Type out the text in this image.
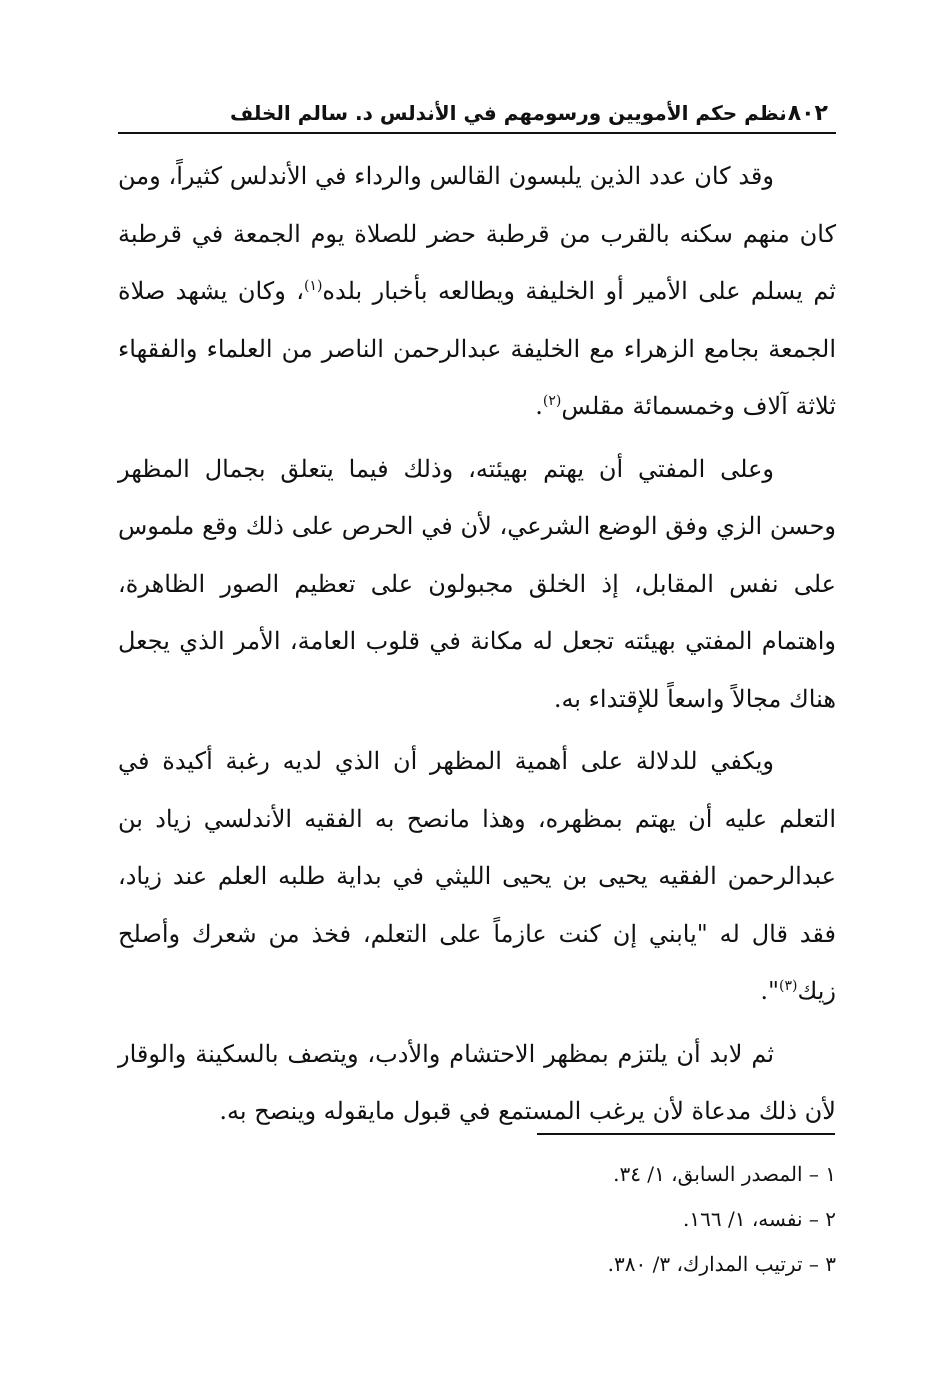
٨٠٢
نظم حكم الأمويين ورسومهم في الأندلس د. سالم الخلف

وقد كان عدد الذين يلبسون القالس والرداء في الأندلس كثيراً، ومن كان منهم سكنه بالقرب من قرطبة حضر للصلاة يوم الجمعة في قرطبة ثم يسلم على الأمير أو الخليفة ويطالعه بأخبار بلده$^{(١)}$، وكان يشهد صلاة الجمعة بجامع الزهراء مع الخليفة عبدالرحمن الناصر من العلماء والفقهاء ثلاثة آلاف وخمسمائة مقلس$^{(٢)}$.

وعلى المفتي أن يهتم بهيئته، وذلك فيما يتعلق بجمال المظهر وحسن الزي وفق الوضع الشرعي، لأن في الحرص على ذلك وقع ملموس على نفس المقابل، إذ الخلق مجبولون على تعظيم الصور الظاهرة، واهتمام المفتي بهيئته تجعل له مكانة في قلوب العامة، الأمر الذي يجعل هناك مجالاً واسعاً للإقتداء به.

ويكفي للدلالة على أهمية المظهر أن الذي لديه رغبة أكيدة في التعلم عليه أن يهتم بمظهره، وهذا مانصح به الفقيه الأندلسي زياد بن عبدالرحمن الفقيه يحيى بن يحيى الليثي في بداية طلبه العلم عند زياد، فقد قال له "يابني إن كنت عازماً على التعلم، فخذ من شعرك وأصلح زيك$^{(٣)}$".

ثم لابد أن يلتزم بمظهر الاحتشام والأدب، ويتصف بالسكينة والوقار لأن ذلك مدعاة لأن يرغب المستمع في قبول مايقوله وينصح به.

١ – المصدر السابق، ١/ ٣٤.
٢ – نفسه، ١/ ١٦٦.
٣ – ترتيب المدارك، ٣/ ٣٨٠.
